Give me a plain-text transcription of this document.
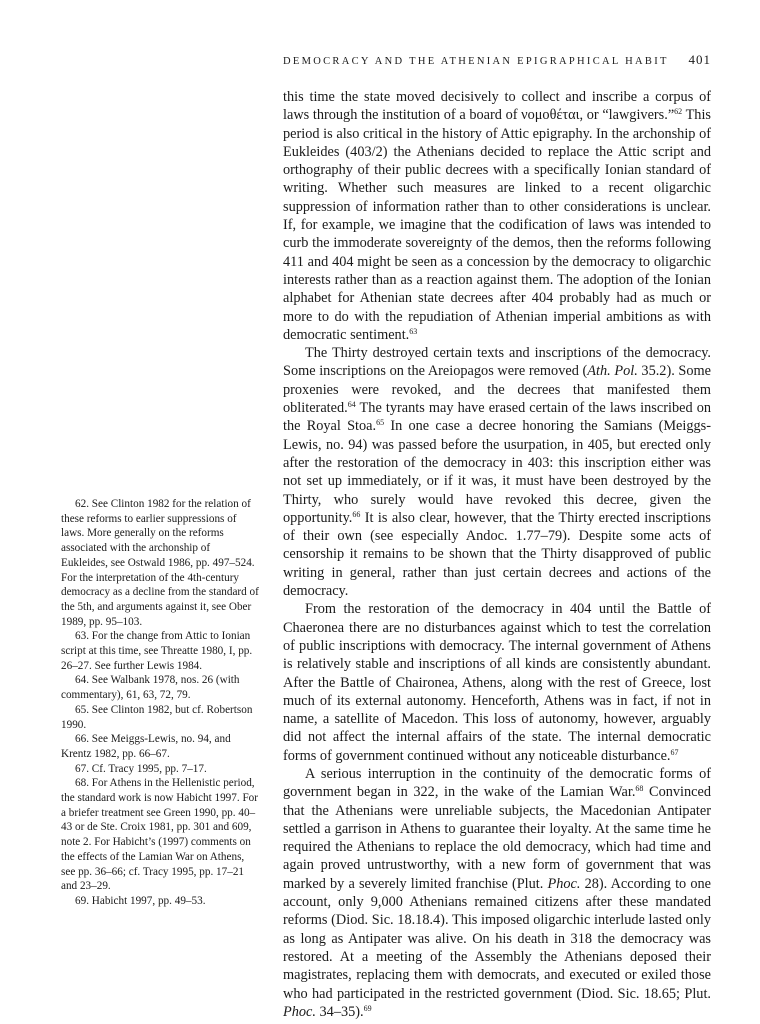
DEMOCRACY AND THE ATHENIAN EPIGRAPHICAL HABIT 401

this time the state moved decisively to collect and inscribe a corpus of laws through the institution of a board of νομοθέται, or “lawgivers.”$^{62}$ This period is also critical in the history of Attic epigraphy. In the archonship of Eukleides (403/2) the Athenians decided to replace the Attic script and orthography of their public decrees with a specifically Ionian standard of writing. Whether such measures are linked to a recent oligarchic suppression of information rather than to other considerations is unclear. If, for example, we imagine that the codification of laws was intended to curb the immoderate sovereignty of the demos, then the reforms following 411 and 404 might be seen as a concession by the democracy to oligarchic interests rather than as a reaction against them. The adoption of the Ionian alphabet for Athenian state decrees after 404 probably had as much or more to do with the repudiation of Athenian imperial ambitions as with democratic sentiment.$^{63}$

The Thirty destroyed certain texts and inscriptions of the democracy. Some inscriptions on the Areiopagos were removed (Ath. Pol. 35.2). Some proxenies were revoked, and the decrees that manifested them obliterated.$^{64}$ The tyrants may have erased certain of the laws inscribed on the Royal Stoa.$^{65}$ In one case a decree honoring the Samians (Meiggs-Lewis, no. 94) was passed before the usurpation, in 405, but erected only after the restoration of the democracy in 403: this inscription either was not set up immediately, or if it was, it must have been destroyed by the Thirty, who surely would have revoked this decree, given the opportunity.$^{66}$ It is also clear, however, that the Thirty erected inscriptions of their own (see especially Andoc. 1.77–79). Despite some acts of censorship it remains to be shown that the Thirty disapproved of public writing in general, rather than just certain decrees and actions of the democracy.

From the restoration of the democracy in 404 until the Battle of Chaeronea there are no disturbances against which to test the correlation of public inscriptions with democracy. The internal government of Athens is relatively stable and inscriptions of all kinds are consistently abundant. After the Battle of Chaironea, Athens, along with the rest of Greece, lost much of its external autonomy. Henceforth, Athens was in fact, if not in name, a satellite of Macedon. This loss of autonomy, however, arguably did not affect the internal affairs of the state. The internal democratic forms of government continued without any noticeable disturbance.$^{67}$

A serious interruption in the continuity of the democratic forms of government began in 322, in the wake of the Lamian War.$^{68}$ Convinced that the Athenians were unreliable subjects, the Macedonian Antipater settled a garrison in Athens to guarantee their loyalty. At the same time he required the Athenians to replace the old democracy, which had time and again proved untrustworthy, with a new form of government that was marked by a severely limited franchise (Plut. Phoc. 28). According to one account, only 9,000 Athenians remained citizens after these mandated reforms (Diod. Sic. 18.18.4). This imposed oligarchic interlude lasted only as long as Antipater was alive. On his death in 318 the democracy was restored. At a meeting of the Assembly the Athenians deposed their magistrates, replacing them with democrats, and executed or exiled those who had participated in the restricted government (Diod. Sic. 18.65; Plut. Phoc. 34–35).$^{69}$

62. See Clinton 1982 for the relation of these reforms to earlier suppressions of laws. More generally on the reforms associated with the archonship of Eukleides, see Ostwald 1986, pp. 497–524. For the interpretation of the 4th-century democracy as a decline from the standard of the 5th, and arguments against it, see Ober 1989, pp. 95–103.

63. For the change from Attic to Ionian script at this time, see Threatte 1980, I, pp. 26–27. See further Lewis 1984.

64. See Walbank 1978, nos. 26 (with commentary), 61, 63, 72, 79.

65. See Clinton 1982, but cf. Robertson 1990.

66. See Meiggs-Lewis, no. 94, and Krentz 1982, pp. 66–67.

67. Cf. Tracy 1995, pp. 7–17.

68. For Athens in the Hellenistic period, the standard work is now Habicht 1997. For a briefer treatment see Green 1990, pp. 40–43 or de Ste. Croix 1981, pp. 301 and 609, note 2. For Habicht’s (1997) comments on the effects of the Lamian War on Athens, see pp. 36–66; cf. Tracy 1995, pp. 17–21 and 23–29.

69. Habicht 1997, pp. 49–53.
